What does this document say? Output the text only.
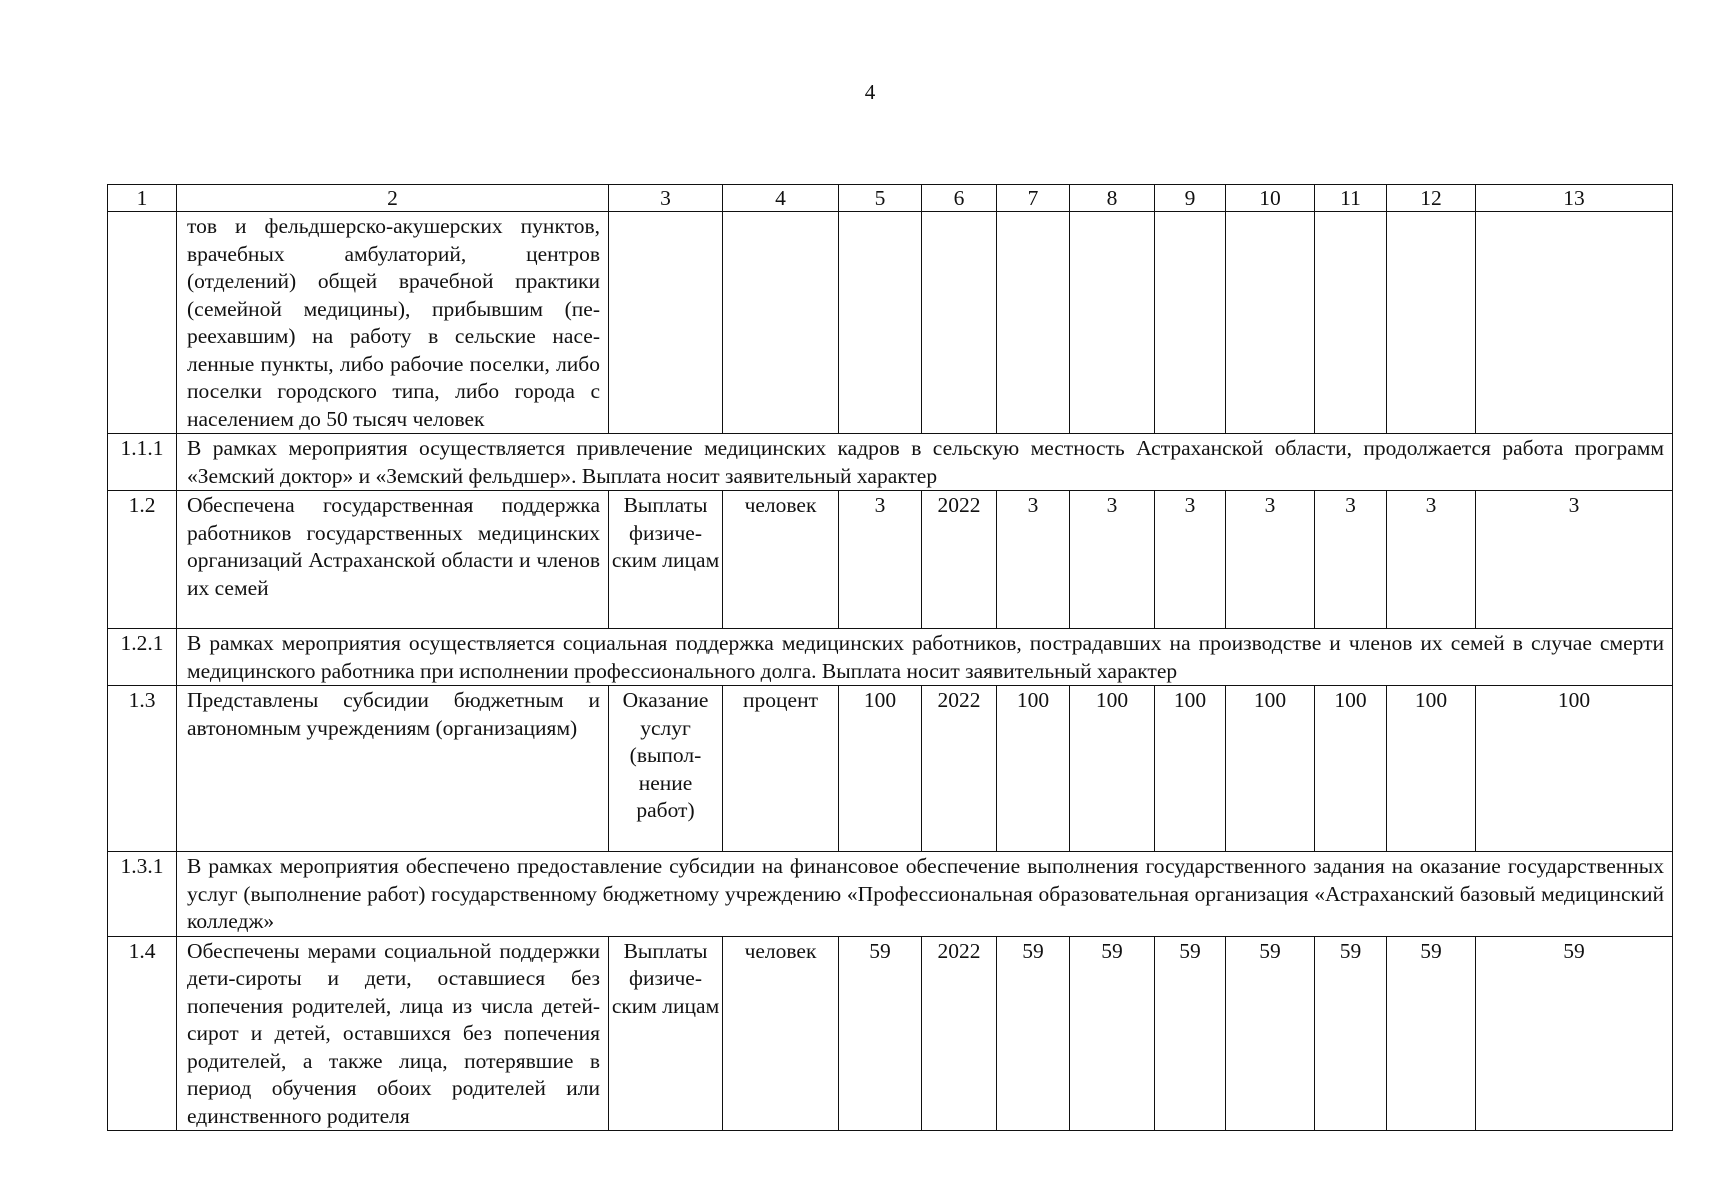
4
1	2	3	4	5	6	7	8	9	10	11	12	13
	тов и фельдшерско-акушерских пунктов, врачебных амбулаторий, центров (отделений) общей врачебной практики (семейной медицины), прибывшим (переехавшим) на работу в сельские населенные пункты, либо рабочие поселки, либо поселки городского типа, либо города с населением до 50 тысяч человек											
1.1.1	В рамках мероприятия осуществляется привлечение медицинских кадров в сельскую местность Астраханской области, продолжается работа программ «Земский доктор» и «Земский фельдшер». Выплата носит заявительный характер											
1.2	Обеспечена государственная поддержка работников государственных медицинских организаций Астраханской области и членов их семей	Выплаты физическим лицам	человек	3	2022	3	3	3	3	3	3	3
1.2.1	В рамках мероприятия осуществляется социальная поддержка медицинских работников, пострадавших на производстве и членов их семей в случае смерти медицинского работника при исполнении профессионального долга. Выплата носит заявительный характер											
1.3	Представлены субсидии бюджетным и автономным учреждениям (организациям)	Оказание услуг (выполнение работ)	процент	100	2022	100	100	100	100	100	100	100
1.3.1	В рамках мероприятия обеспечено предоставление субсидии на финансовое обеспечение выполнения государственного задания на оказание государственных услуг (выполнение работ) государственному бюджетному учреждению «Профессиональная образовательная организация «Астраханский базовый медицинский колледж»											
1.4	Обеспечены мерами социальной поддержки дети-сироты и дети, оставшиеся без попечения родителей, лица из числа детей-сирот и детей, оставшихся без попечения родителей, а также лица, потерявшие в период обучения обоих родителей или единственного родителя	Выплаты физическим лицам	человек	59	2022	59	59	59	59	59	59	59
